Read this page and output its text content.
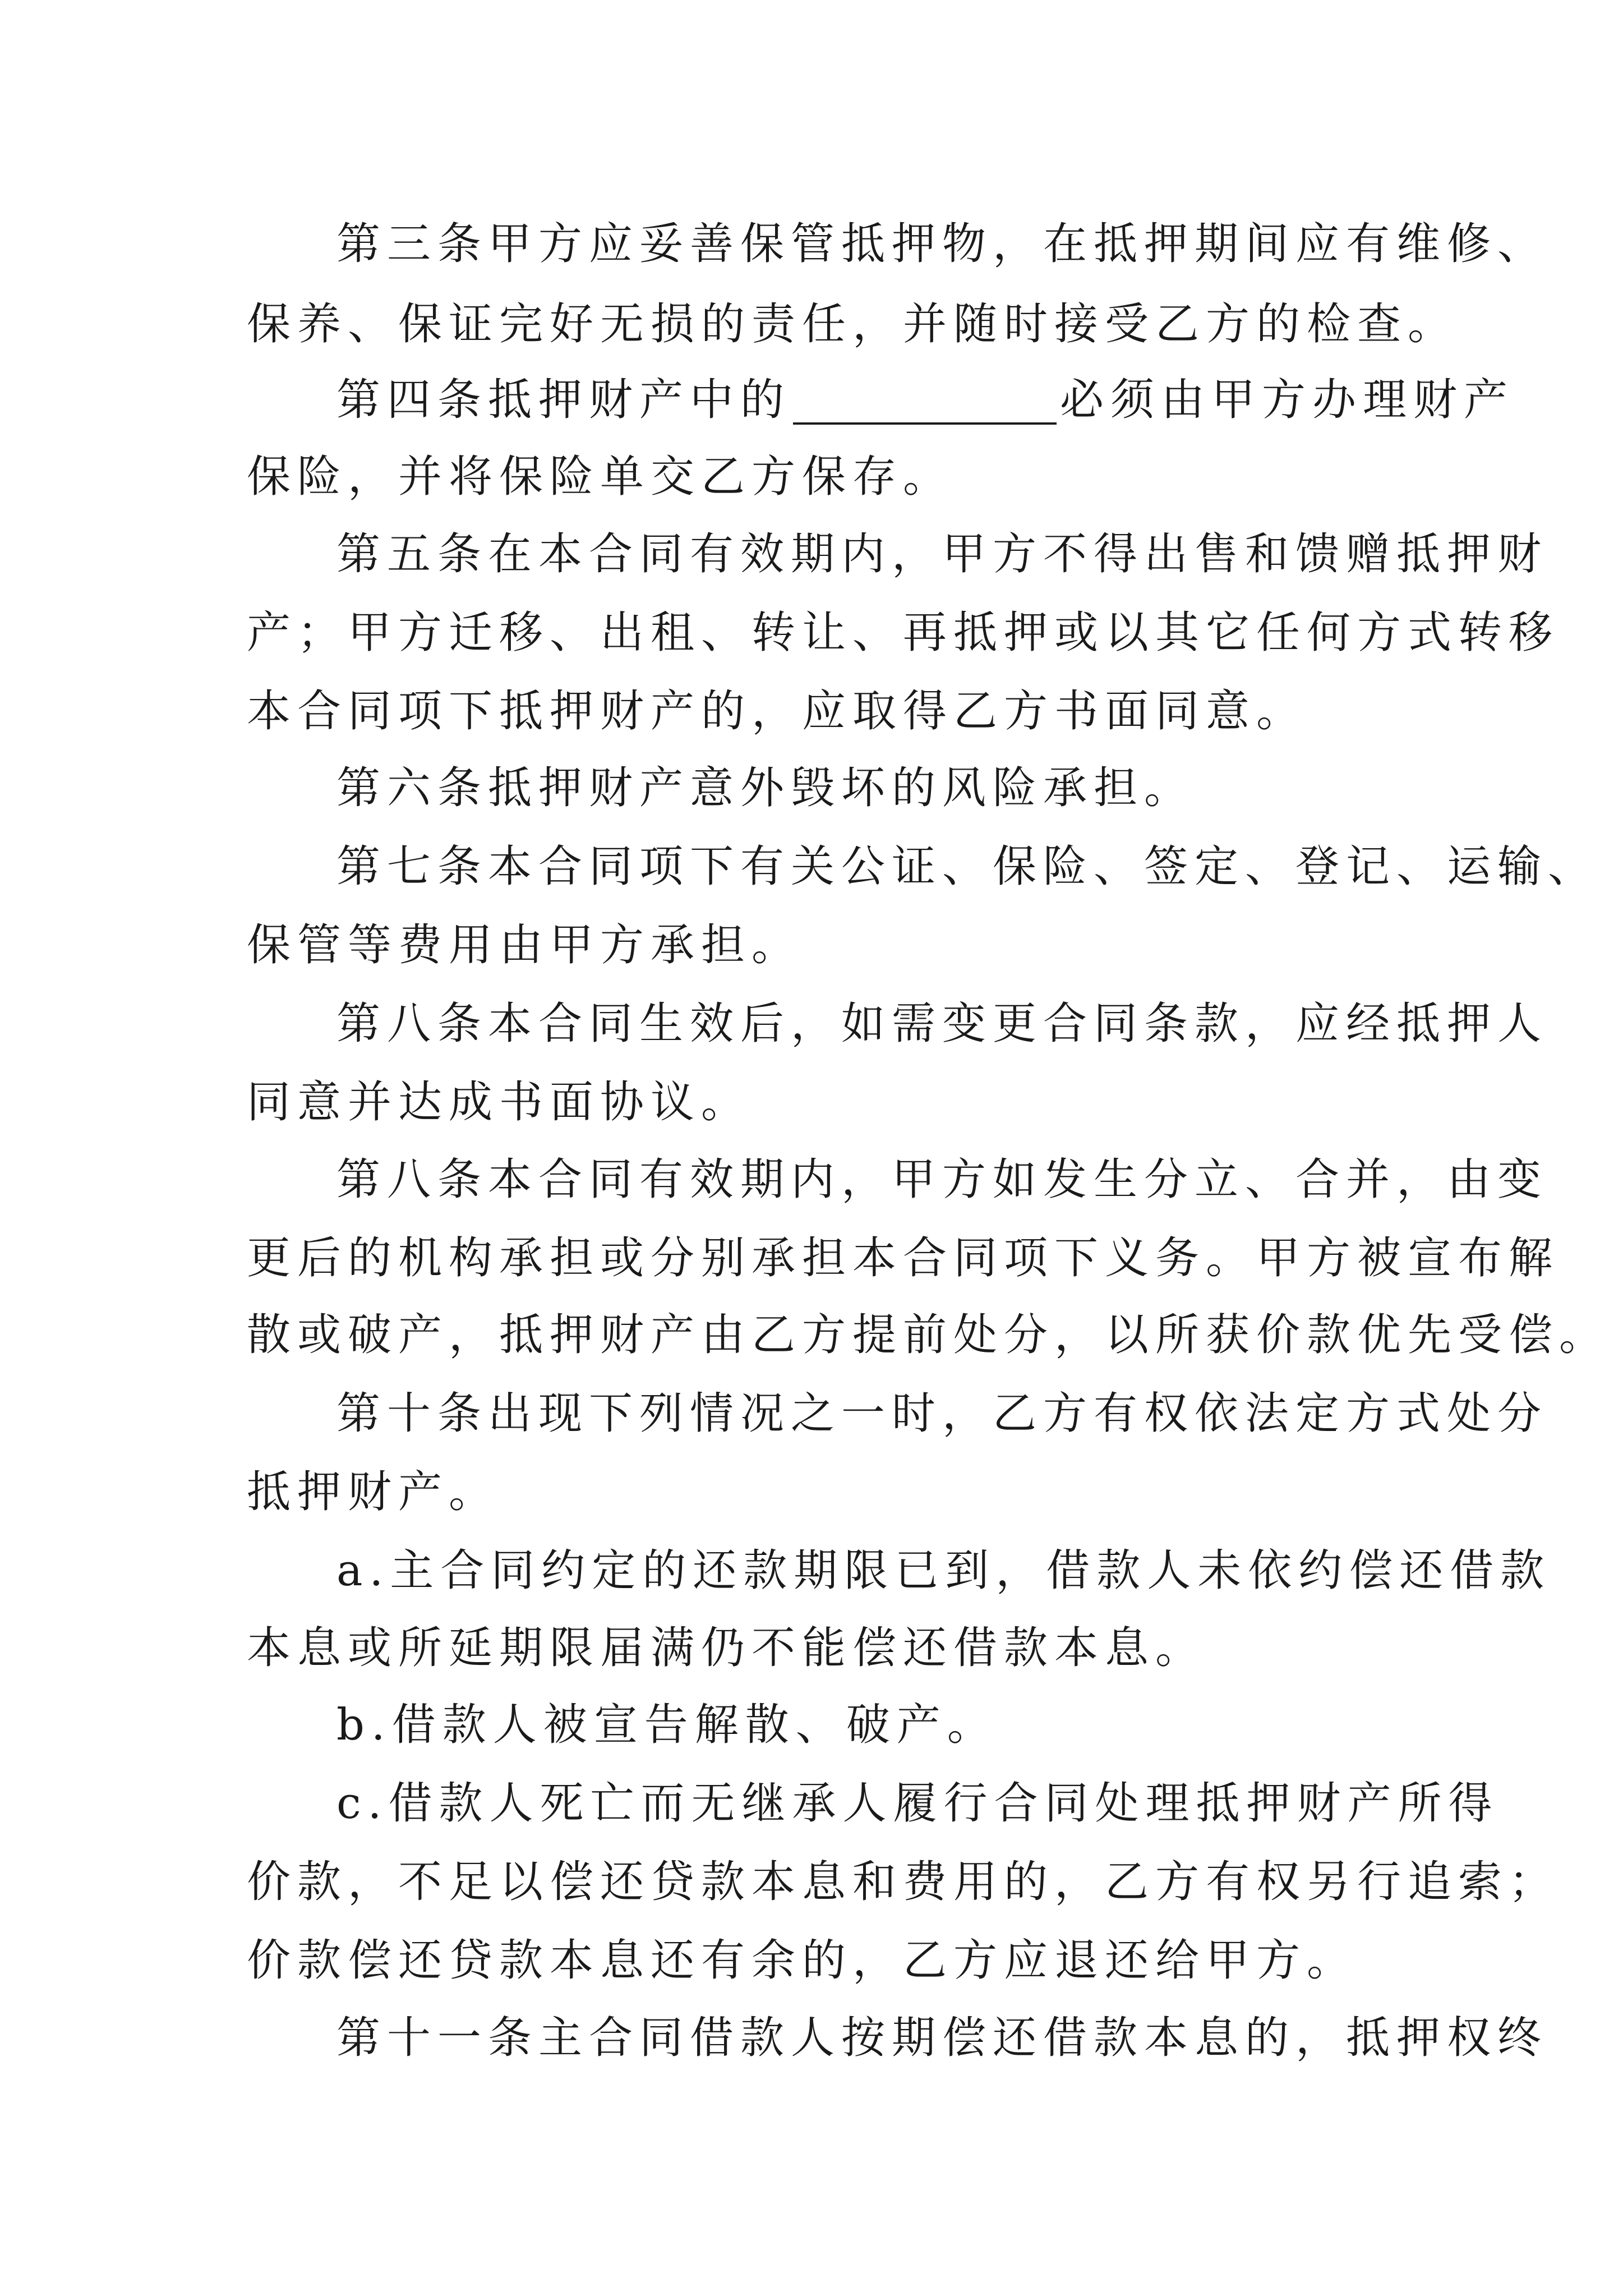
第三条甲方应妥善保管抵押物，在抵押期间应有维修、
保养、保证完好无损的责任，并随时接受乙方的检查。
第四条抵押财产中的	必须由甲方办理财产
保险，并将保险单交乙方保存。
第五条在本合同有效期内，甲方不得出售和馈赠抵押财
产；甲方迁移、出租、转让、再抵押或以其它任何方式转移
本合同项下抵押财产的，应取得乙方书面同意。
第六条抵押财产意外毁坏的风险承担。
第七条本合同项下有关公证、保险、签定、登记、运输、
保管等费用由甲方承担。
第八条本合同生效后，如需变更合同条款，应经抵押人
同意并达成书面协议。
第八条本合同有效期内，甲方如发生分立、合并，由变
更后的机构承担或分别承担本合同项下义务。甲方被宣布解
散或破产，抵押财产由乙方提前处分，以所获价款优先受偿。
第十条出现下列情况之一时，乙方有权依法定方式处分
抵押财产。
a.主合同约定的还款期限已到，借款人未依约偿还借款
本息或所延期限届满仍不能偿还借款本息。
b.借款人被宣告解散、破产。
c.借款人死亡而无继承人履行合同处理抵押财产所得
价款，不足以偿还贷款本息和费用的，乙方有权另行追索；
价款偿还贷款本息还有余的，乙方应退还给甲方。
第十一条主合同借款人按期偿还借款本息的，抵押权终
